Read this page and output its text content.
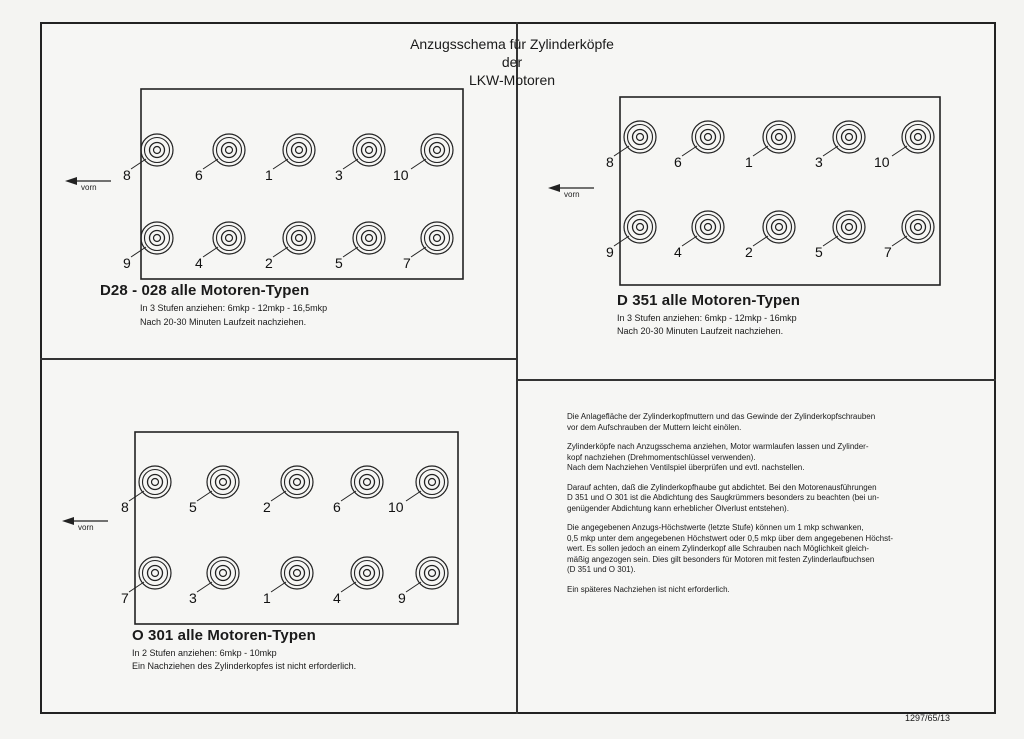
Anzugsschema für Zylinderköpfe
der
LKW-Motoren
vorn
8	6	1	3	10
9	4	2	5	7
vorn
8	6	1	3	10
9	4	2	5	7
vorn
8	5	2	6	10
7	3	1	4	9
D28 - 028 alle Motoren-Typen
In 3 Stufen anziehen: 6mkp - 12mkp - 16,5mkp
Nach 20-30 Minuten Laufzeit nachziehen.
D 351 alle Motoren-Typen
In 3 Stufen anziehen: 6mkp - 12mkp - 16mkp
Nach 20-30 Minuten Laufzeit nachziehen.
O 301 alle Motoren-Typen
In 2 Stufen anziehen: 6mkp - 10mkp
Ein Nachziehen des Zylinderkopfes ist nicht erforderlich.
Die Anlagefläche der Zylinderkopfmuttern und das Gewinde der Zylinderkopfschrauben
vor dem Aufschrauben der Muttern leicht einölen.
Zylinderköpfe nach Anzugsschema anziehen, Motor warmlaufen lassen und Zylinder-
kopf nachziehen (Drehmomentschlüssel verwenden).
Nach dem Nachziehen Ventilspiel überprüfen und evtl. nachstellen.
Darauf achten, daß die Zylinderkopfhaube gut abdichtet. Bei den Motorenausführungen
D 351 und O 301 ist die Abdichtung des Saugkrümmers besonders zu beachten (bei un-
genügender Abdichtung kann erheblicher Ölverlust entstehen).
Die angegebenen Anzugs-Höchstwerte (letzte Stufe) können um 1 mkp schwanken,
0,5 mkp unter dem angegebenen Höchstwert oder 0,5 mkp über dem angegebenen Höchst-
wert. Es sollen jedoch an einem Zylinderkopf alle Schrauben nach Möglichkeit gleich-
mäßig angezogen sein. Dies gilt besonders für Motoren mit festen Zylinderlaufbuchsen
(D 351 und O 301).
Ein späteres Nachziehen ist nicht erforderlich.
1297/65/13
